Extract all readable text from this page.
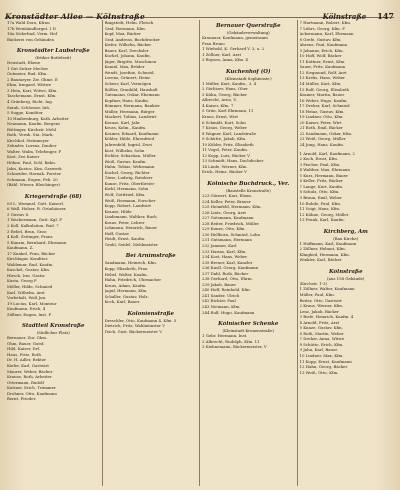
Kronstädter Allee — Kölnstraße	Kölnstraße 147
17a Wald Dora, Kfrau
17b Weinhändlergut. I N
18a Söderlind, Verm. Hof
Bäckerei von Gebäuden
Kronstädter Laubstraße
(früher Bottelseit)
Neustadt, Ebene
1 Gut Sicker Mecher
Gutmeier, Rud. Kfm.
2 Baumeyer, Ziv. Ghme. E
Ehm, Irmgard, Wittwe
3 Hein, Kari, Witwe, Kfm.
Taschemann, Ernst, Kfm.
4 Grünberg, Richt. Ing.
Sarah, Schlosser, Inh.
5 Sugge, Konditor
10 Hanbenburg, Kath. Arbeiter
Neumann, Kaufm. Bergent
Böttinger, Kirchstr. Mehl
Roth, Vernh. Sta. Mark.
Kirchhof, Steinmeyer
Zehnder, Lorenz, Dauber
Walter, Walm, Telefonger. F
Kost, Zwi Kaiser
Höhne, Paul, Schl. Bahn.
Jahn, Kustos. Kim. Gaswerk
Schneider, Harnak. Forster.
Schmann, Eugen, Feb. 20
(Bähl. Wieser, Bleichinger)
Kriegerstraße (68)
09 L. Wemmel, Gutt. Kaiserl.
6 Wall, Holzer, R. Grünhäuser.
3 Gustav S.
1 Wackermann, Gutt. Kgl. F
2 Koll. Kalkulation, Rud. 7
3 Rebel, Brun, Geor.
4 Koll. Zeitinger, Franz
5 Kunzin, Bernhard, Ehrmann
Kaufmann, Z.
17 Kunkel, Frau, Bäcker
Kirchlagur, Konditor.
Waldemar, Rud. Kaufm.
Kuschel, Gustav, Kfm.
Hirsch, Irm. Gastw.
Kusta, Georg F
Möller, Hilde, Schmied
Karl, Wilhelm, Arzt
Vorbehalt, Walt Jun.
19 Lucius, Karl, Monteur
Kaufmann, Erich, 4
Zöllner, Eugen, Inst. F
Stadtteil Kronstraße
(Südlicher Platz)
Bernauer, Zur. Ghm.
Ohm, Bauer, Gutsf.
Hild, Kaiser, Drf.
Haus, Fritz, Roth
Dr. H. Adler, Rektor
Kiefer, Karl, Gastwirt
Maurer, Weber, Bäcker
Krause, Roth, Arbeiter
Ottermann, Rudolf
Kuttner, Erich, Trümmer
Drohner, Otto, Kaufmann
Bernt, Frieder.
Ringstedt, Helm. Fleisch
Graf, Hermann, Kfm.
Kopf, Max, Bäcker
Graf, Andreas, Buchdrucker
Kiefer, Wilhelm, Bäcker
Bauer, Karl, Drechsler
Kuchel, Johann, Kaufm.
Jäger, Brigitte, Maschinen
Kaninl, Max, Brüder
Wendt, Josefine, Schneid.
Lorenz, Grünert, Heinr.
Scheer, Karl, Vermögen
Rößler, Grunhild, Haushalt
Gutsmann, Oskar, Ehemann
Kopfner, Hans, Kaufm.
Römmer, Hermann, Bankier
Müller, Hermann, Bürger
Mackert, Tobias, Landwirt
Krause, Karl, Jahr
Kruss, Kolm., Kaufm.
Kramer, Eduard, Kaufmann
Köhler, Hilde, Ehrenfried
Juhrenfeld, Ingrid, Zwei
Kost, Wilhelm, Sohn
Eichler, Sebastian, Müller
Weiß, Gustav, Kaufm.
Hahn, Tobias, Wehrmann
Kuchel, Georg, Richter
Giese, Ludwig, Ratsherr
Kunze, Fritz, Oberförster
Kiehl, Hermann, Sohn
Wolf, Gottfried, Kfm.
Weiß, Hermann, Forscher
Kopp, Robert, Landwirt
Krause, Hilde
Lindemann, Walther, Buch.
Kraus, Peter, Lehrer
Lohmann, Heinrich, Bauer
Hoff, Gustav
Heidt, Ernst, Kaufm.
Gruhl, Seidel, Mehlmeister
Bei Arnimstraße
Sandmann, Heinrich, Kfm.
Kopp, Elisabeth, Frau
Hebel, Walter, Kaufm.
Hahn, Friedrich, Uhrmacher
Kraus, Adam, Kaufm.
Jaguf, Hermann, Kfm.
Schaller, Gustav, Holz.
Koch, Karl, Bauer
Kolonienstraße
Dreschler, Otto, Kaufmann 4, Kfm. 5
Dietrich, Fritz, Wahlmünster V
Teich, Gust. Bäckermeister V
Bernauer Querstraße
(Gebäudeverwaltung)
Kronauer, Kaufmann, gemeinsam
Frau Bruno
1 Wiebold, K. Gerhard V. 3, u. 2
1 Zöllner, Karl, Arzt
3 Boysen, Anna, Kfm. 4
Kuchenhof (Ö)
(Kleinstadt Sophienstr.)
1 Müller, Kurt, Kaufm., 3, 4
2 Görlitzer, Hans, Ober
3 Kühn, Georg, Bäcker
Albrecht, Arno, V.
4 Kaiser, Kfm. 7
5 Grün, Karl Ehrmann, 11
Kraus, Ernst, Wirt
6 Schmidt, Kurt, Sohn
7 Kraus, Georg, Weber
8 Wagner, Karl, Landstraße
9 Schütte, Jakob, Kfm.
10 Köhler, Fritz, Elisabeth
11 Vogel, Peter, Kaufm.
12 Kopp, Lutz, Bäcker V
13 Schmidt, Hans, Dachdecker
14 Linde, Werner, Kfm.
Erich, Heinz, Bäcker V
Kölnische Buchdruck., Ver.
(Baustelle Kronstraße)
223 Görnert, Kari, Ehem.
224 Keller, Peter, Brauer
225 Heimfeld, Hermann, Kfm.
226 Lintz, Georg, Arzt
227 Gutsmann, Kaufmann
228 Reiter, Friedrich, Müller
229 Kunze, Otto, Kfm.
230 Hellborn, Schmied, Lohn
231 Gutsmann, Hermann
232 Jammer, Karl
233 Harms, Karl, Kfm.
234 Kost, Hans, Weber
235 Breuer, Karl, Kanzler
236 Knoll, Georg, Kaufmann
237 Dahl, Ruth, Bäcker
238 Gerhard, Otto, Ehrm.
239 Jakob, Bauer
240 Hoff, Reinhold, Kfm.
241 Sander, Ulrich
242 Richter, Paul
243 Niemann, Kfm.
244 Rolf, Hugo, Kaufmann
Kölnischer Schenke
(Kleinstadt Kronenstraße)
1 Gebr. Hermann, Inst.
2 Albrecht, Rudolph, Kfm. 11
3 Kiehnemann, Bäckermeister, V
7 Hartmann, Robert, Kfm.
7 Lührs, Georg, Kfm. F
Ackermann, Karl, Ehrmann
8 Grefe, Gustav, Kfm.
Ahrens, Paul, Kaufmann
9 Johanns, Erich, Kfm.
10 Hoff, Wolf, Bäcker
11 Kuttner, Ernst, Kfm.
Sauer, Fritz, Kaufmann
12 Siegmund, Rolf, Arzt
13 Krebs, Hans, Weber
14 Müller, Kurt, Kfm.
15 Rolf, Georg, Elisabeth
Kramer, Martin, Bauer
16 Weber, Hugo, Kaufm.
17 Dreher, Karl, Schmied
18 Heinz, Gustav, Kfm.
19 Lindner, Otto, Kfm.
20 Kaiser, Peter, Wirt
21 Roth, Emil, Bäcker
22 Sandmann, Oskar, Kfm.
23 Weiß, Georg, Müller
24 Jung, Hans, Kaufm.
1 Arnold, Karl, Kaufmann, 2
2 Koch, Ernst, Kfm.
3 Fischer, Paul, Kfm.
4 Walther, Max, Ehrmann
5 Kurz, Hermann, Bauer
6 Keller, Fritz, Bäcker
7 Lange, Kurt, Kaufm.
8 Schulz, Otto, Kfm.
9 Braun, Emil, Weber
10 Rohde, Paul, Kfm.
11 Voigt, Hans, Kfm.
12 Kühne, Georg, Müller
13 Frank, Karl, Kaufm.
Kirchberg, Am
(Bau Kirche)
1 Hoffmann, Karl, Kaufmann
2 Zöllner, Helmut, Kfm.
Klingbeil, Hermann, Kfm.
Winkler, Karl, Bäcker
Kölnstraße
(aus 158 Gebäude)
(Kirchstr. 1-3)
1 Zöllner, Walter, Kaufmann
Müller, Paul, Kfm.
Reiter, Otto, Gastwirt
2 Kraus, Werner, Kfm.
Lenz, Jakob, Bäcker
3 Bode, Heinrich, Kaufm. 4
4 Arnold, Fritz, Arzt
5 Kunze, Gustav, Kfm.
6 Roth, Martin, Weber
7 Dreher, Anna, Witwe
8 Schütte, Erich, Kfm.
9 Jahn, Karl, Bauer
10 Lindner, Max, Kfm.
11 Kopp, Ernst, Kaufmann
12 Hahn, Georg, Bäcker
13 Weiß, Otto, Kfm.
